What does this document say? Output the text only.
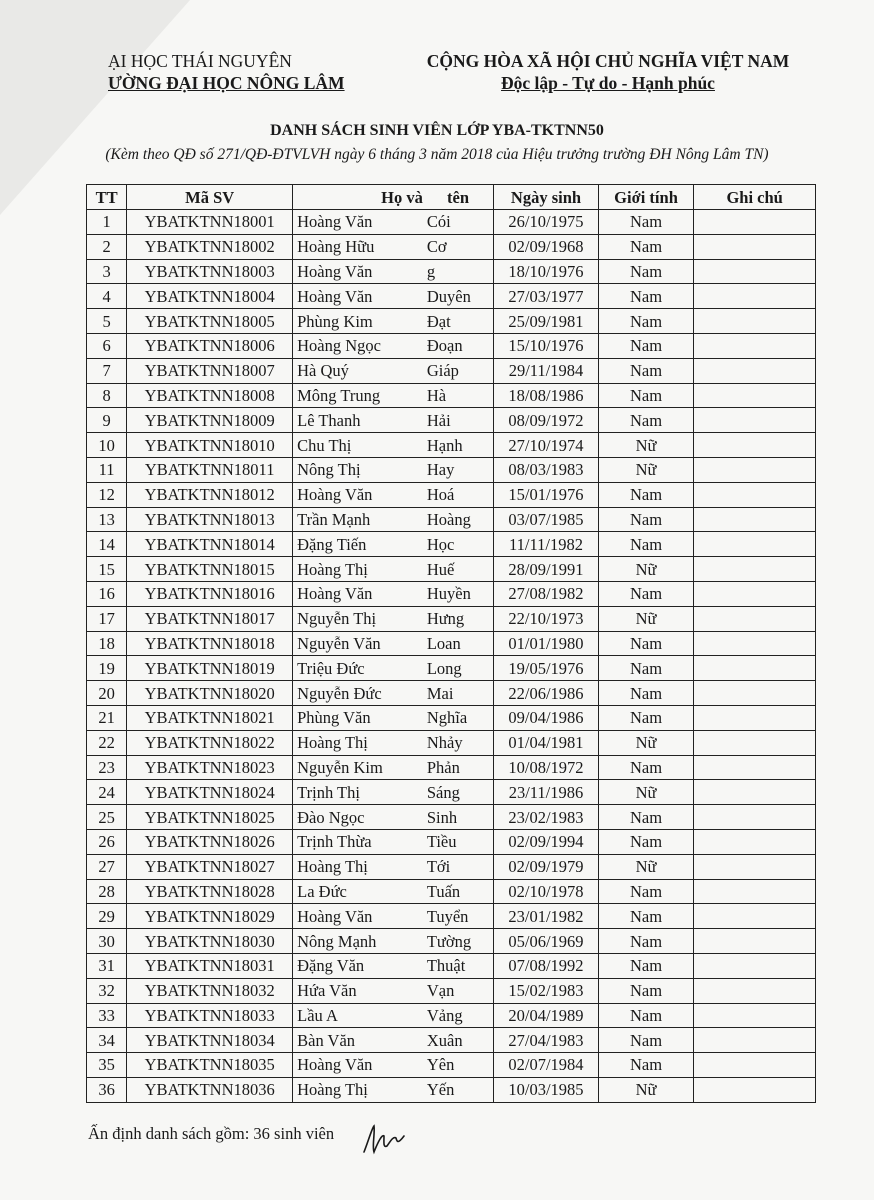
ẠI HỌC THÁI NGUYÊN
ƯỜNG ĐẠI HỌC NÔNG LÂM
CỘNG HÒA XÃ HỘI CHỦ NGHĨA VIỆT NAM
Độc lập - Tự do - Hạnh phúc
DANH SÁCH SINH VIÊN LỚP YBA-TKTNN50
(Kèm theo QĐ số 271/QĐ-ĐTVLVH ngày 6 tháng 3 năm 2018 của Hiệu trưởng trường ĐH Nông Lâm TN)
TT	Mã SV	Họ và	tên	Ngày sinh	Giới tính	Ghi chú
1	YBATKTNN18001	Hoàng Văn	Cói	26/10/1975	Nam	
2	YBATKTNN18002	Hoàng Hữu	Cơ	02/09/1968	Nam	
3	YBATKTNN18003	Hoàng Văn	g	18/10/1976	Nam	
4	YBATKTNN18004	Hoàng Văn	Duyên	27/03/1977	Nam	
5	YBATKTNN18005	Phùng Kim	Đạt	25/09/1981	Nam	
6	YBATKTNN18006	Hoàng Ngọc	Đoạn	15/10/1976	Nam	
7	YBATKTNN18007	Hà Quý	Giáp	29/11/1984	Nam	
8	YBATKTNN18008	Mông Trung	Hà	18/08/1986	Nam	
9	YBATKTNN18009	Lê Thanh	Hải	08/09/1972	Nam	
10	YBATKTNN18010	Chu Thị	Hạnh	27/10/1974	Nữ	
11	YBATKTNN18011	Nông Thị	Hay	08/03/1983	Nữ	
12	YBATKTNN18012	Hoàng Văn	Hoá	15/01/1976	Nam	
13	YBATKTNN18013	Trần Mạnh	Hoàng	03/07/1985	Nam	
14	YBATKTNN18014	Đặng Tiến	Học	11/11/1982	Nam	
15	YBATKTNN18015	Hoàng Thị	Huế	28/09/1991	Nữ	
16	YBATKTNN18016	Hoàng Văn	Huyền	27/08/1982	Nam	
17	YBATKTNN18017	Nguyễn Thị	Hưng	22/10/1973	Nữ	
18	YBATKTNN18018	Nguyễn Văn	Loan	01/01/1980	Nam	
19	YBATKTNN18019	Triệu Đức	Long	19/05/1976	Nam	
20	YBATKTNN18020	Nguyễn Đức	Mai	22/06/1986	Nam	
21	YBATKTNN18021	Phùng Văn	Nghĩa	09/04/1986	Nam	
22	YBATKTNN18022	Hoàng Thị	Nhảy	01/04/1981	Nữ	
23	YBATKTNN18023	Nguyễn Kim	Phản	10/08/1972	Nam	
24	YBATKTNN18024	Trịnh Thị	Sáng	23/11/1986	Nữ	
25	YBATKTNN18025	Đào Ngọc	Sinh	23/02/1983	Nam	
26	YBATKTNN18026	Trịnh Thừa	Tiều	02/09/1994	Nam	
27	YBATKTNN18027	Hoàng Thị	Tới	02/09/1979	Nữ	
28	YBATKTNN18028	La Đức	Tuấn	02/10/1978	Nam	
29	YBATKTNN18029	Hoàng Văn	Tuyển	23/01/1982	Nam	
30	YBATKTNN18030	Nông Mạnh	Tường	05/06/1969	Nam	
31	YBATKTNN18031	Đặng Văn	Thuật	07/08/1992	Nam	
32	YBATKTNN18032	Hứa Văn	Vạn	15/02/1983	Nam	
33	YBATKTNN18033	Lầu A	Vảng	20/04/1989	Nam	
34	YBATKTNN18034	Bàn Văn	Xuân	27/04/1983	Nam	
35	YBATKTNN18035	Hoàng Văn	Yên	02/07/1984	Nam	
36	YBATKTNN18036	Hoàng Thị	Yến	10/03/1985	Nữ	
Ấn định danh sách gồm: 36 sinh viên
